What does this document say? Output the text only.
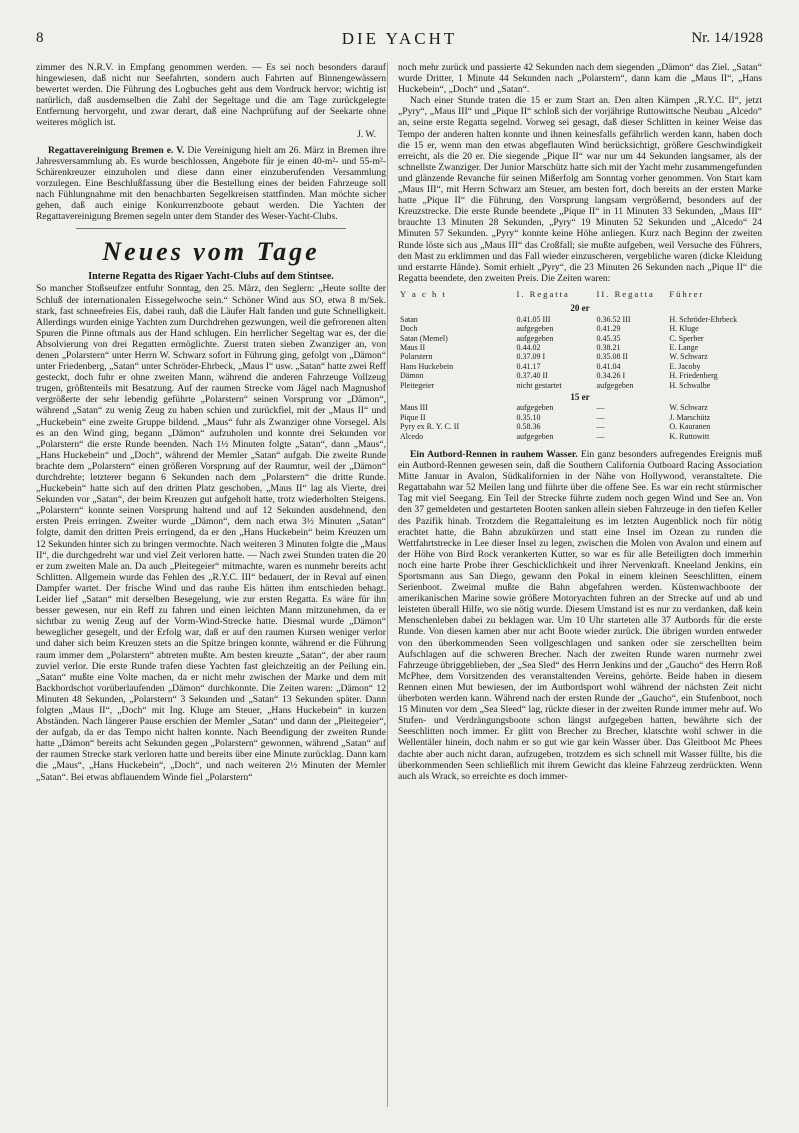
8	DIE YACHT	Nr. 14/1928

zimmer des N.R.V. in Empfang genommen werden. — Es sei noch besonders darauf hingewiesen, daß nicht nur Seefahrten, sondern auch Fahrten auf Binnengewässern bewertet werden. Die Führung des Logbuches geht aus dem Vordruck hervor; wichtig ist natürlich, daß ausdemselben die Zahl der Segeltage und die am Tage zurückgelegte Entfernung hervorgeht, und zwar derart, daß eine Nachprüfung auf der Seekarte ohne weiteres möglich ist.

J. W.

Regattavereinigung Bremen e. V. Die Vereinigung hielt am 26. März in Bremen ihre Jahresversammlung ab. Es wurde beschlossen, Angebote für je einen 40-m²- und 55-m²-Schärenkreuzer einzuholen und diese dann einer einzuberufenden Versammlung vorzulegen. Eine Beschlußfassung über die Bestellung eines der beiden Fahrzeuge soll nach Fühlungnahme mit den benachbarten Segelkreisen stattfinden. Man möchte sicher gehen, daß auch einige Konkurrenzboote gebaut werden. Die Yachten der Regattavereinigung Bremen segeln unter dem Stander des Weser-Yacht-Clubs.

Neues vom Tage
Interne Regatta des Rigaer Yacht-Clubs auf dem Stintsee.

So mancher Stoßseufzer entfuhr Sonntag, den 25. März, den Seglern: „Heute sollte der Schluß der internationalen Eissegelwoche sein.“ Schöner Wind aus SO, etwa 8 m/Sek. stark, fast schneefreies Eis, dabei rauh, daß die Läufer Halt fanden und gute Schnelligkeit. Allerdings wurden einige Yachten zum Durchdrehen gezwungen, weil die gefrorenen alten Spuren die Pinne oftmals aus der Hand schlugen. Ein herrlicher Segeltag war es, der die Absolvierung von drei Regatten ermöglichte. Zuerst traten sieben Zwanziger an, von denen „Polarstern“ unter Herrn W. Schwarz sofort in Führung ging, gefolgt von „Dämon“ unter Friedenberg, „Satan“ unter Schröder-Ehrbeck, „Maus I“ usw. „Satan“ hatte zwei Reff gesteckt, doch fuhr er ohne zweiten Mann, während die anderen Fahrzeuge Vollzeug trugen, größtenteils mit Besatzung. Auf der raumen Strecke vom Jägel nach Magnushof vergrößerte der sehr lebendig geführte „Polarstern“ seinen Vorsprung vor „Dämon“, während „Satan“ zu wenig Zeug zu haben schien und zurückfiel, mit der „Maus II“ und „Huckebein“ eine zweite Gruppe bildend. „Maus“ fuhr als Zwanziger ohne Vorsegel. Als es an den Wind ging, begann „Dämon“ aufzuholen und konnte drei Sekunden vor „Polarstern“ die erste Runde beenden. Nach 1½ Minuten folgte „Satan“, dann „Maus“, „Hans Huckebein“ und „Doch“, während der Memler „Satan“ aufgab. Die zweite Runde brachte dem „Polarstern“ einen größeren Vorsprung auf der Raumtur, weil der „Dämon“ durchdrehte; letzterer begann 6 Sekunden nach dem „Polarstern“ die dritte Runde. „Huckebein“ hatte sich auf den dritten Platz geschoben, „Maus II“ lag als Vierte, drei Sekunden vor „Satan“, der beim Kreuzen gut aufgeholt hatte, trotz wiederholten Steigens. „Polarstern“ konnte seinen Vorsprung haltend und auf 12 Sekunden ausdehnend, den ersten Preis erringen. Zweiter wurde „Dämon“, dem nach etwa 3½ Minuten „Satan“ folgte, damit den dritten Preis erringend, da er den „Hans Huckebein“ beim Kreuzen um 12 Sekunden hinter sich zu bringen vermochte. Nach weiteren 3 Minuten folgte die „Maus II“, die durchgedreht war und viel Zeit verloren hatte. — Nach zwei Stunden traten die 20 er zum zweiten Male an. Da auch „Pleitegeier“ mitmachte, waren es nunmehr bereits acht Schlitten. Allgemein wurde das Fehlen des „R.Y.C. III“ bedauert, der in Reval auf einen Dampfer wartet. Der frische Wind und das rauhe Eis hätten ihm entschieden behagt. Leider lief „Satan“ mit derselben Besegelung, wie zur ersten Regatta. Es wäre für ihn besser gewesen, nur ein Reff zu fahren und einen leichten Mann mitzunehmen, da er sichtbar zu wenig Zeug auf der Vorm-Wind-Strecke hatte. Diesmal wurde „Dämon“ beweglicher gesegelt, und der Erfolg war, daß er auf den raumen Kursen weniger verlor und daher sich beim Kreuzen stets an die Spitze bringen konnte, während er die Führung raum immer dem „Polarstern“ abtreten mußte. Am besten kreuzte „Satan“, der aber raum zuviel verlor. Die erste Runde trafen diese Yachten fast gleichzeitig an der Peilung ein. „Satan“ mußte eine Volte machen, da er nicht mehr zwischen der Marke und dem mit Backbordschot vorüberlaufenden „Dämon“ durchkonnte. Die Zeiten waren: „Dämon“ 12 Minuten 48 Sekunden, „Polarstern“ 3 Sekunden und „Satan“ 13 Sekunden später. Dann folgten „Maus II“, „Doch“ mit Ing. Kluge am Steuer, „Hans Huckebein“ in kurzen Abständen. Nach längerer Pause erschien der Memler „Satan“ und dann der „Pleitegeier“, der aufgab, da er das Tempo nicht halten konnte. Nach Beendigung der zweiten Runde hatte „Dämon“ bereits acht Sekunden gegen „Polarstern“ gewonnen, während „Satan“ auf der raumen Strecke stark verloren hatte und bereits über eine Minute zurücklag. Dann kam die „Maus“, „Hans Huckebein“, „Doch“, und nach weiteren 2½ Minuten der Memler „Satan“. Bei etwas abflauendem Winde fiel „Polarstern“

noch mehr zurück und passierte 42 Sekunden nach dem siegenden „Dämon“ das Ziel. „Satan“ wurde Dritter, 1 Minute 44 Sekunden nach „Polarstern“, dann kam die „Maus II“, „Hans Huckebein“, „Doch“ und „Satan“.

Nach einer Stunde traten die 15 er zum Start an. Den alten Kämpen „R.Y.C. II“, jetzt „Pyry“, „Maus III“ und „Pique II“ schloß sich der vorjährige Ruttowittsche Neubau „Alcedo“ an, seine erste Regatta segelnd. Vorweg sei gesagt, daß dieser Schlitten in keiner Weise das Tempo der anderen halten konnte und ihnen keinesfalls gefährlich werden kann, haben doch die 15 er, wenn man den etwas abgeflauten Wind berücksichtigt, größere Geschwindigkeit erreicht, als die 20 er. Die siegende „Pique II“ war nur um 44 Sekunden langsamer, als der schnellste Zwanziger. Der Junior Marschütz hatte sich mit der Yacht mehr zusammengefunden und glänzende Revanche für seinen Mißerfolg am Sonntag vorher genommen. Von Start kam „Maus III“, mit Herrn Schwarz am Steuer, am besten fort, doch bereits an der ersten Marke hatte „Pique II“ die Führung, den Vorsprung langsam vergrößernd, besonders auf der Kreuzstrecke. Die erste Runde beendete „Pique II“ in 11 Minuten 33 Sekunden, „Maus III“ brauchte 13 Minuten 28 Sekunden, „Pyry“ 19 Minuten 52 Sekunden und „Alcedo“ 24 Minuten 57 Sekunden. „Pyry“ konnte keine Höhe anliegen. Kurz nach Beginn der zweiten Runde löste sich aus „Maus III“ das Croßfall; sie mußte aufgeben, weil Versuche des Führers, den Mast zu erklimmen und das Fall wieder einzuscheren, vergebliche waren (dicke Kleidung und erstarrte Hände). Somit erhielt „Pyry“, die 23 Minuten 26 Sekunden nach „Pique II“ die Regatta beendete, den zweiten Preis. Die Zeiten waren:

Y a c h t	I. Regatta	II. Regatta	Führer
20 er			
Satan	0.41.05 III	0.36.52 III	H. Schröder-Ehrbeck
Doch	aufgegeben	0.41.29	H. Kluge
Satan (Memel)	aufgegeben	0.45.35	C. Sperber
Maus II	0.44.02	0.38.21	E. Lange
Polarstern	0.37.09 I	0.35.08 II	W. Schwarz
Hans Huckebein	0.41.17	0.41.04	E. Jacoby
Dämon	0.37.40 II	0.34.26 I	H. Friedenberg
Pleitegeier	nicht gestartet	aufgegeben	H. Schwalbe
15 er			
Maus III	aufgegeben	—	W. Schwarz
Pique II	0.35.10	—	J. Marschütz
Pyry ex R. Y. C. II	0.58.36	—	O. Kauranen
Alcedo	aufgegeben	—	K. Ruttowitt

Ein Autbord-Rennen in rauhem Wasser. Ein ganz besonders aufregendes Ereignis muß ein Autbord-Rennen gewesen sein, daß die Southern California Outboard Racing Association Mitte Januar in Avalon, Südkalifornien in der Nähe von Hollywood, veranstaltete. Die Regattabahn war 52 Meilen lang und führte über die offene See. Es war ein recht stürmischer Tag mit viel Seegang. Ein Teil der Strecke führte zudem noch gegen Wind und See an. Von den 37 gemeldeten und gestarteten Booten sanken allein sieben Fahrzeuge in den tiefen Keller des Pazifik hinab. Trotzdem die Regattaleitung es im letzten Augenblick noch für nötig erachtet hatte, die Bahn abzukürzen und statt eine Insel im Ozean zu runden die Wettfahrtstrecke in Lee dieser Insel zu legen, zwischen die Molen von Avalon und einem auf der Höhe von Bird Rock verankerten Kutter, so war es für alle Beteiligten doch immerhin noch eine harte Probe ihrer Geschicklichkeit und ihrer Nervenkraft. Kneeland Jenkins, ein Sportsmann aus San Diego, gewann den Pokal in einem kleinen Seeschlitten, einem Serienboot. Zweimal mußte die Bahn abgefahren werden. Küstenwachboote der amerikanischen Marine sowie größere Motoryachten fuhren an der Strecke auf und ab und leisteten überall Hilfe, wo sie nötig wurde. Diesem Umstand ist es nur zu verdanken, daß kein Menschenleben dabei zu beklagen war. Um 10 Uhr starteten alle 37 Autbords für die erste Runde. Von diesen kamen aber nur acht Boote wieder zurück. Die übrigen wurden entweder von den überkommenden Seen vollgeschlagen und sanken oder sie zerschellten beim Aufschlagen auf die schweren Brecher. Nach der zweiten Runde waren nurmehr zwei Fahrzeuge übriggeblieben, der „Sea Sled“ des Herrn Jenkins und der „Gaucho“ des Herrn Roß McPhee, dem Vorsitzenden des veranstaltenden Vereins, gehörte. Beide haben in diesem Rennen einen Mut bewiesen, der im Autbordsport wohl während der nächsten Zeit nicht überboten werden kann. Während nach der ersten Runde der „Gaucho“, ein Stufenboot, noch 15 Minuten vor dem „Sea Sleed“ lag, rückte dieser in der zweiten Runde immer mehr auf. Wo Stufen- und Verdrängungsboote schon längst aufgegeben hatten, bewährte sich der Seeschlitten noch immer. Er glitt von Brecher zu Brecher, klatschte wohl schwer in die Wellentäler hinein, doch nahm er so gut wie gar kein Wasser über. Das Gleitboot Mc Phees dachte aber auch nicht daran, aufzugeben, trotzdem es sich schnell mit Wasser füllte, bis die überkommenden Seen schließlich mit ihrem Gewicht das kleine Fahrzeug zerdrückten. Wenn auch als Wrack, so erreichte es doch immer-
